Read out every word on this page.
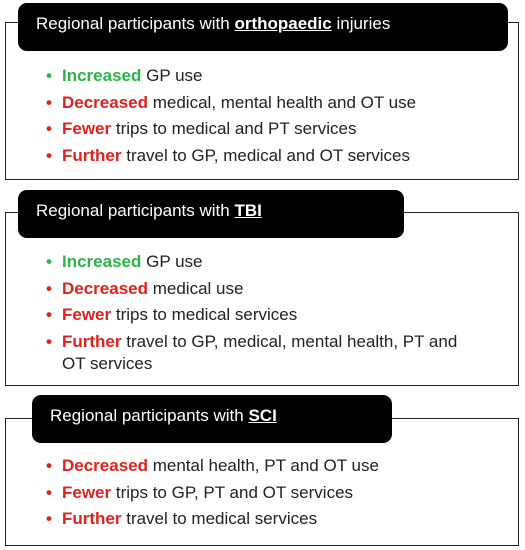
• Increased GP use
• Decreased medical, mental health and OT use
• Fewer trips to medical and PT services
• Further travel to GP, medical and OT services
Regional participants with orthopaedic injuries
• Increased GP use
• Decreased medical use
• Fewer trips to medical services
• Further travel to GP, medical, mental health, PT and OT services
Regional participants with TBI
• Decreased mental health, PT and OT use
• Fewer trips to GP, PT and OT services
• Further travel to medical services
Regional participants with SCI
